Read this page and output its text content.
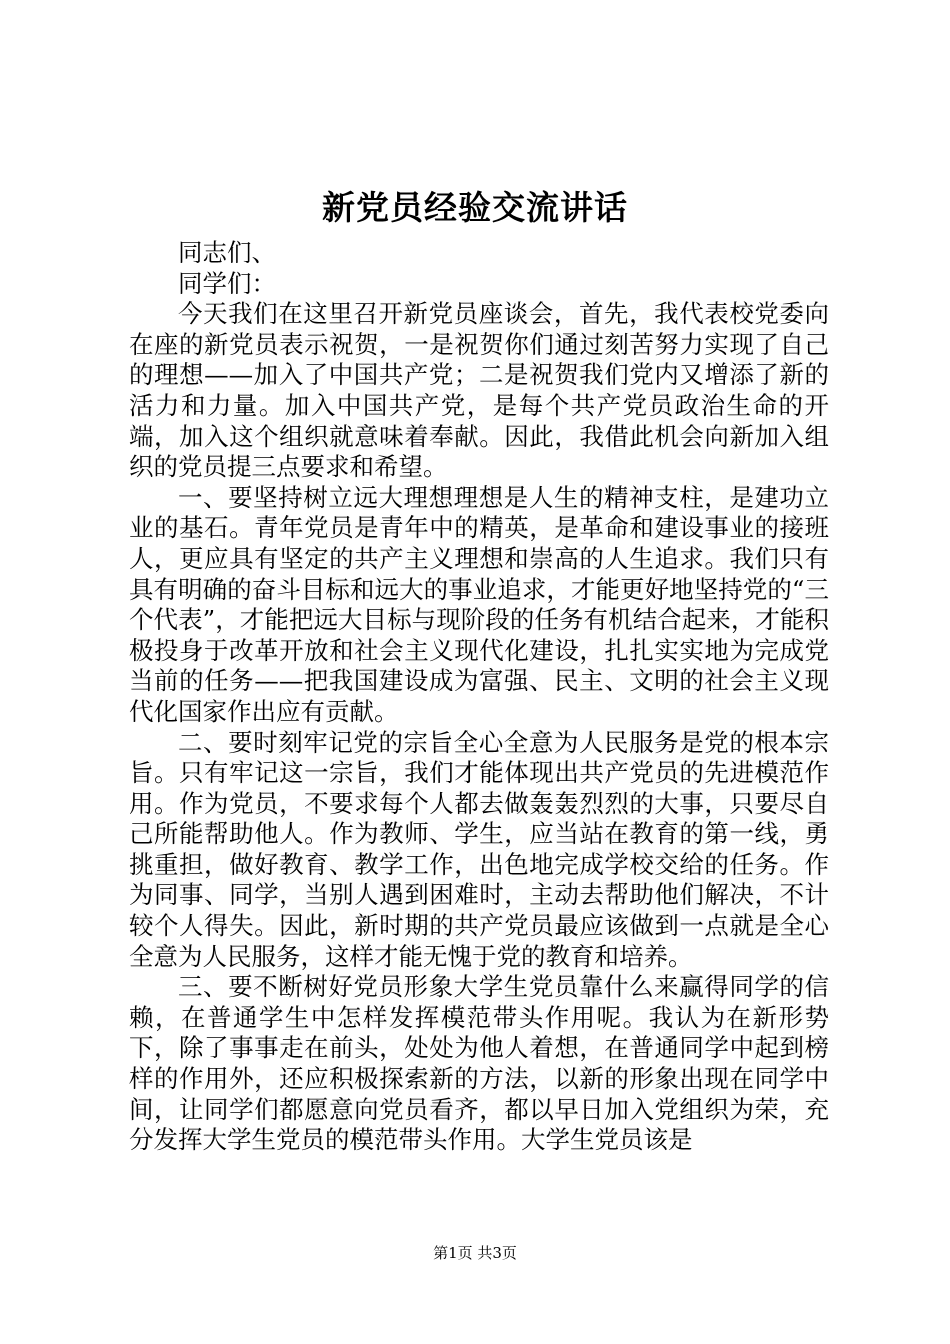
新党员经验交流讲话

同志们、

同学们：

今天我们在这里召开新党员座谈会，首先，我代表校党委向在座的新党员表示祝贺，一是祝贺你们通过刻苦努力实现了自己的理想——加入了中国共产党；二是祝贺我们党内又增添了新的活力和力量。加入中国共产党，是每个共产党员政治生命的开端，加入这个组织就意味着奉献。因此，我借此机会向新加入组织的党员提三点要求和希望。

一、要坚持树立远大理想理想是人生的精神支柱，是建功立业的基石。青年党员是青年中的精英，是革命和建设事业的接班人，更应具有坚定的共产主义理想和崇高的人生追求。我们只有具有明确的奋斗目标和远大的事业追求，才能更好地坚持党的“三个代表”，才能把远大目标与现阶段的任务有机结合起来，才能积极投身于改革开放和社会主义现代化建设，扎扎实实地为完成党当前的任务——把我国建设成为富强、民主、文明的社会主义现代化国家作出应有贡献。

二、要时刻牢记党的宗旨全心全意为人民服务是党的根本宗旨。只有牢记这一宗旨，我们才能体现出共产党员的先进模范作用。作为党员，不要求每个人都去做轰轰烈烈的大事，只要尽自己所能帮助他人。作为教师、学生，应当站在教育的第一线，勇挑重担，做好教育、教学工作，出色地完成学校交给的任务。作为同事、同学，当别人遇到困难时，主动去帮助他们解决，不计较个人得失。因此，新时期的共产党员最应该做到一点就是全心全意为人民服务，这样才能无愧于党的教育和培养。

三、要不断树好党员形象大学生党员靠什么来赢得同学的信赖，在普通学生中怎样发挥模范带头作用呢。我认为在新形势下，除了事事走在前头，处处为他人着想，在普通同学中起到榜样的作用外，还应积极探索新的方法，以新的形象出现在同学中间，让同学们都愿意向党员看齐，都以早日加入党组织为荣，充分发挥大学生党员的模范带头作用。大学生党员该是

第1页 共3页
